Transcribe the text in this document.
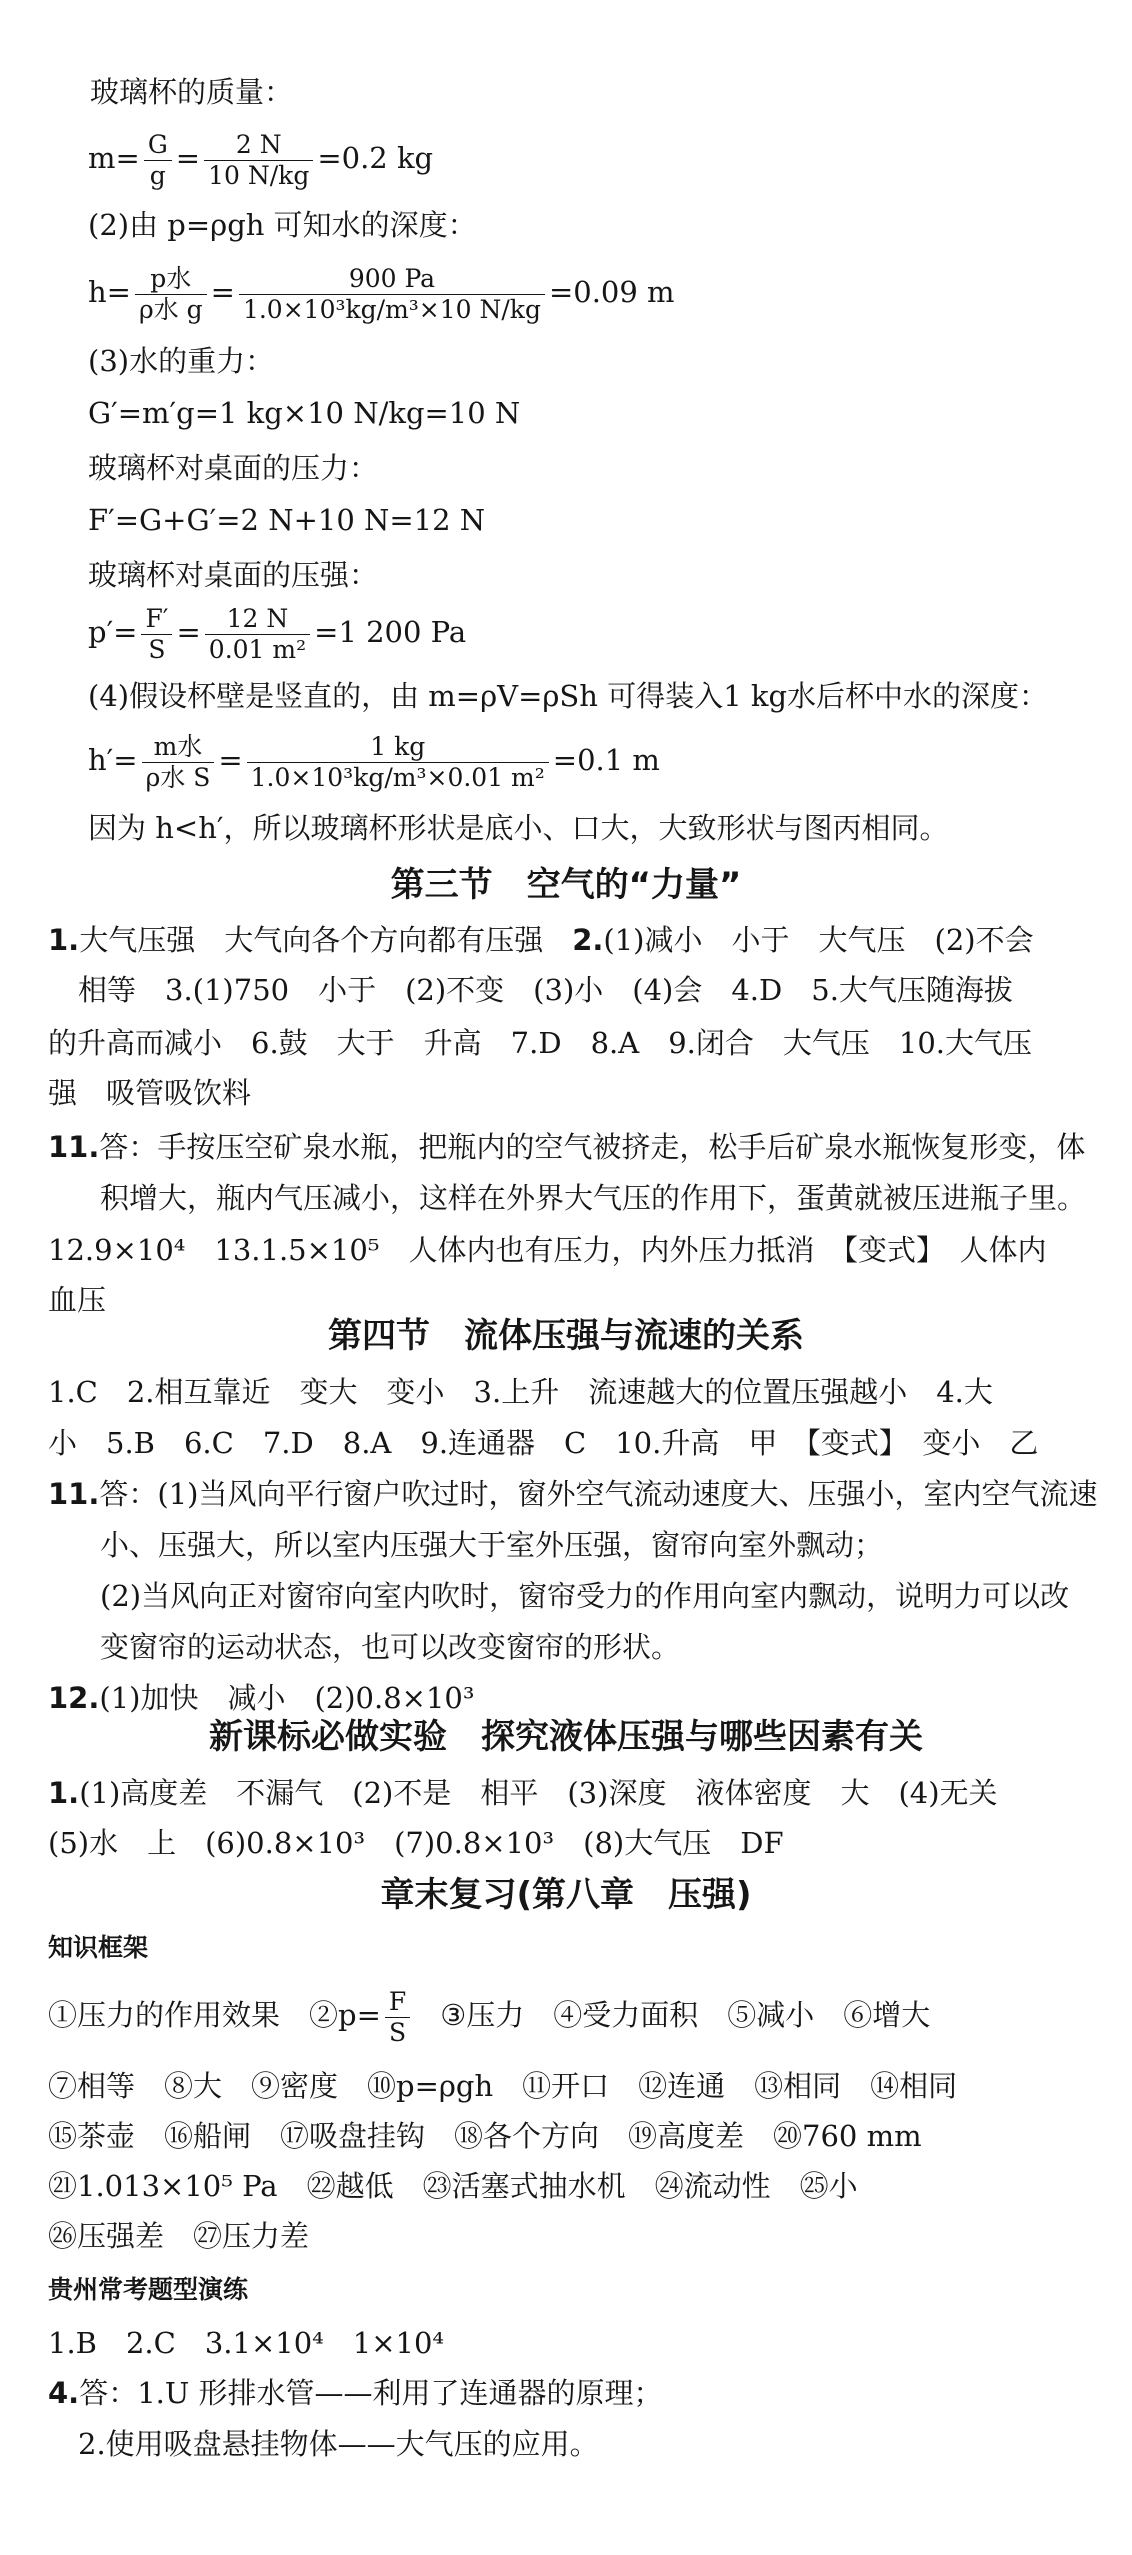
玻璃杯的质量：
$m= \frac{G}{g} = \frac{2 N}{10 N/kg} =0.2$ kg
(2)由 p=ρgh 可知水的深度：
$h= \frac{\text{p水}}{\text{ρ水 g}} = \frac{900 Pa}{\text{1.0×10³kg/m³×10 N/kg}} =0.09$ m
(3)水的重力：
G′=m′g=1 kg×10 N/kg=10 N
玻璃杯对桌面的压力：
F′=G+G′=2 N+10 N=12 N
玻璃杯对桌面的压强：
$p'= \frac{F'}{S} = \frac{12 N}{\text{0.01 m²}} =1$ 200 Pa
(4)假设杯壁是竖直的，由 m=ρV=ρSh 可得装入1 kg水后杯中水的深度：
$h'= \frac{\text{m水}}{\text{ρ水 S}} = \frac{1 kg}{\text{1.0×10³kg/m³×0.01 m²}} =0.1$ m
因为 h<h′，所以玻璃杯形状是底小、口大，大致形状与图丙相同。
第三节　空气的“力量”
1.大气压强　大气向各个方向都有压强　2.(1)减小　小于　大气压　(2)不会
相等　3.(1)750　小于　(2)不变　(3)小　(4)会　4.D　5.大气压随海拔
的升高而减小　6.鼓　大于　升高　7.D　8.A　9.闭合　大气压　10.大气压
强　吸管吸饮料
11.答：手按压空矿泉水瓶，把瓶内的空气被挤走，松手后矿泉水瓶恢复形变，体
积增大，瓶内气压减小，这样在外界大气压的作用下，蛋黄就被压进瓶子里。
12.9×10⁴　13.1.5×10⁵　人体内也有压力，内外压力抵消　【变式】　人体内
血压
第四节　流体压强与流速的关系
1.C　2.相互靠近　变大　变小　3.上升　流速越大的位置压强越小　4.大
小　5.B　6.C　7.D　8.A　9.连通器　C　10.升高　甲　【变式】　变小　乙
11.答：(1)当风向平行窗户吹过时，窗外空气流动速度大、压强小，室内空气流速
小、压强大，所以室内压强大于室外压强，窗帘向室外飘动；
(2)当风向正对窗帘向室内吹时，窗帘受力的作用向室内飘动，说明力可以改
变窗帘的运动状态，也可以改变窗帘的形状。
12.(1)加快　减小　(2)0.8×10³
新课标必做实验　探究液体压强与哪些因素有关
1.(1)高度差　不漏气　(2)不是　相平　(3)深度　液体密度　大　(4)无关
(5)水　上　(6)0.8×10³　(7)0.8×10³　(8)大气压　DF
章末复习(第八章　压强)
知识框架
①压力的作用效果　②p= $\frac{F}{S}$ ③压力　④受力面积　⑤减小　⑥增大
⑦相等　⑧大　⑨密度　⑩p=ρgh　⑪开口　⑫连通　⑬相同　⑭相同
⑮茶壶　⑯船闸　⑰吸盘挂钩　⑱各个方向　⑲高度差　⑳760 mm
㉑1.013×10⁵ Pa　㉒越低　㉓活塞式抽水机　㉔流动性　㉕小
㉖压强差　㉗压力差
贵州常考题型演练
1.B　2.C　3.1×10⁴　1×10⁴
4.答：1.U 形排水管——利用了连通器的原理；
2.使用吸盘悬挂物体——大气压的应用。
